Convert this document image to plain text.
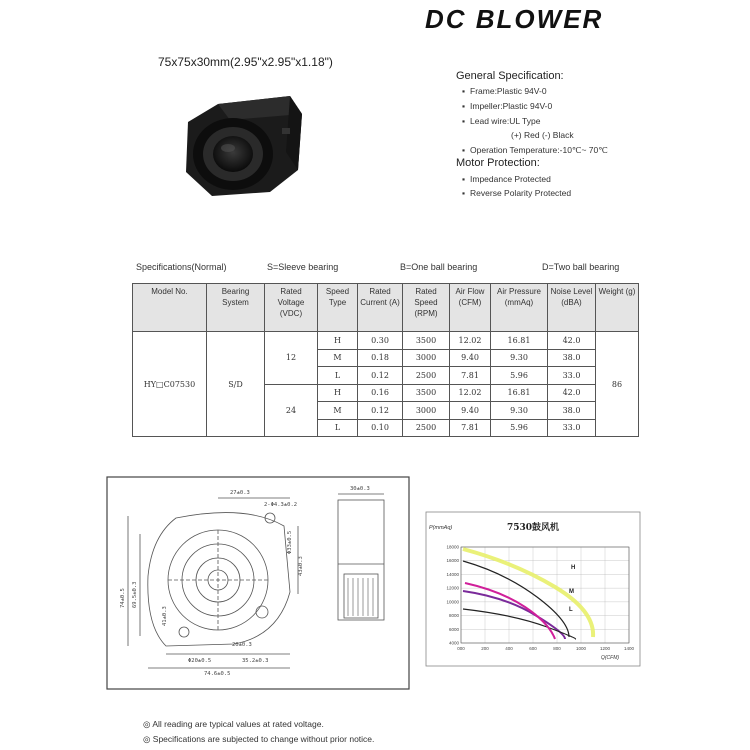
DC BLOWER
75x75x30mm(2.95"x2.95"x1.18")
General Specification:
▪ Frame:Plastic 94V-0
▪ Impeller:Plastic 94V-0
▪ Lead wire:UL Type
(+) Red (-) Black
▪ Operation Temperature:-10℃~ 70℃
Motor Protection:
▪ Impedance Protected
▪ Reverse Polarity Protected
Specifications(Normal)	S=Sleeve bearing	B=One ball bearing	D=Two ball bearing
Model No.	Bearing System	Rated Voltage (VDC)	Speed Type	Rated Current (A)	Rated Speed (RPM)	Air Flow (CFM)	Air Pressure (mmAq)	Noise Level (dBA)	Weight (g)
HY□C07530	S/D	12	H	0.30	3500	12.02	16.81	42.0	86
			M	0.18	3000	9.40	9.30	38.0	
			L	0.12	2500	7.81	5.96	33.0	
		24	H	0.16	3500	12.02	16.81	42.0	
			M	0.12	3000	9.40	9.30	38.0	
			L	0.10	2500	7.81	5.96	33.0	
2-Φ4.3±0.2
Φ33±0.5
30±0.3
27±0.3
74±0.5 69.5±0.3
43±0.3
41±0.3
20±0.3
Φ20±0.5	35.2±0.3
74.6±0.5
P(mmAq)	7530鼓风机
18000
16000
14000
12000
10000
8000
6000
4000
000	200	400	600	800	1000	1200	1400
H
M
L
Q(CFM)
◎ All reading are typical values at rated voltage.
◎ Specifications are subjected to change without prior notice.
